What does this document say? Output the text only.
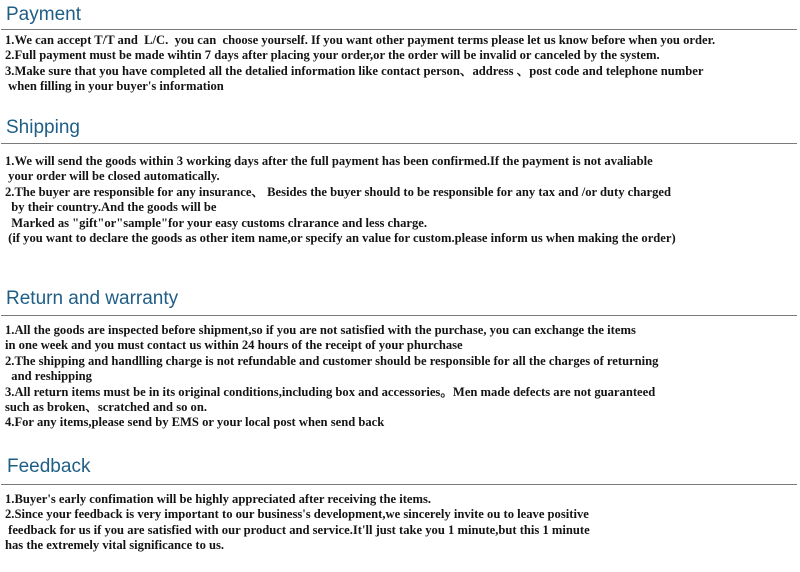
Payment
1.We can accept T/T and  L/C.  you can  choose yourself. If you want other payment terms please let us know before when you order.
2.Full payment must be made wihtin 7 days after placing your order,or the order will be invalid or canceled by the system.
3.Make sure that you have completed all the detalied information like contact person、address 、post code and telephone number
when filling in your buyer's information
Shipping
1.We will send the goods within 3 working days after the full payment has been confirmed.If the payment is not avaliable
your order will be closed automatically.
2.The buyer are responsible for any insurance、 Besides the buyer should to be responsible for any tax and /or duty charged
by their country.And the goods will be
Marked as "gift"or"sample"for your easy customs clrarance and less charge.
(if you want to declare the goods as other item name,or specify an value for custom.please inform us when making the order)
Return and warranty
1.All the goods are inspected before shipment,so if you are not satisfied with the purchase, you can exchange the items
in one week and you must contact us within 24 hours of the receipt of your phurchase
2.The shipping and handlling charge is not refundable and customer should be responsible for all the charges of returning
and reshipping
3.All return items must be in its original conditions,including box and accessories。Men made defects are not guaranteed
such as broken、scratched and so on.
4.For any items,please send by EMS or your local post when send back
Feedback
1.Buyer's early confimation will be highly appreciated after receiving the items.
2.Since your feedback is very important to our business's development,we sincerely invite ou to leave positive
feedback for us if you are satisfied with our product and service.It'll just take you 1 minute,but this 1 minute
has the extremely vital significance to us.
